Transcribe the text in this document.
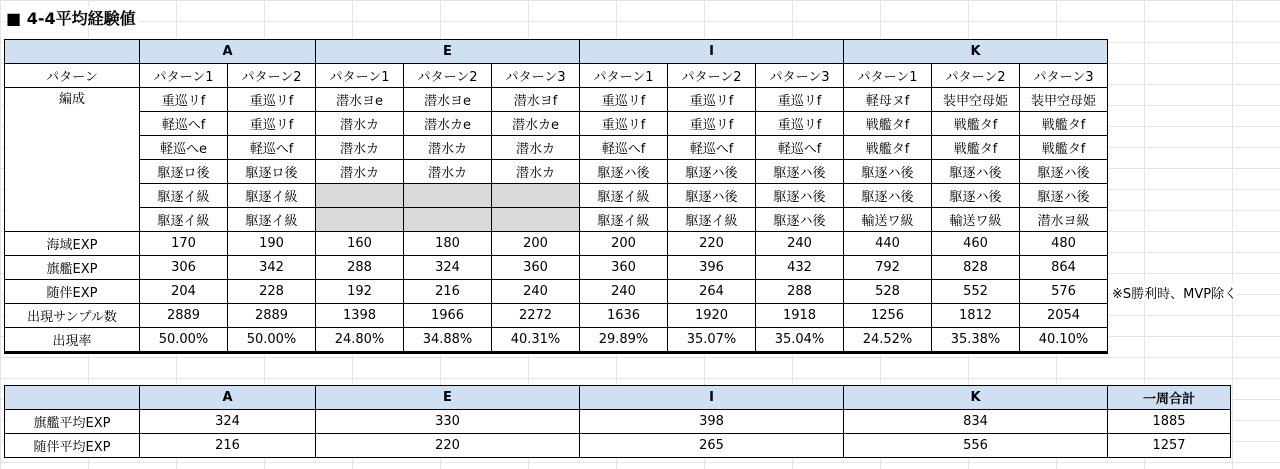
■ 4-4平均経験値
	A		E			I			K		
パターン	パターン1	パターン2	パターン1	パターン2	パターン3	パターン1	パターン2	パターン3	パターン1	パターン2	パターン3
編成	重巡リf	重巡リf	潜水ヨe	潜水ヨe	潜水ヨf	重巡リf	重巡リf	重巡リf	軽母ヌf	装甲空母姫	装甲空母姫
	軽巡へf	重巡リf	潜水カ	潜水カe	潜水カe	重巡リf	重巡リf	重巡リf	戦艦タf	戦艦タf	戦艦タf
	軽巡へe	軽巡へf	潜水カ	潜水カ	潜水カ	軽巡へf	軽巡へf	軽巡へf	戦艦タf	戦艦タf	戦艦タf
	駆逐ロ後	駆逐ロ後	潜水カ	潜水カ	潜水カ	駆逐ハ後	駆逐ハ後	駆逐ハ後	駆逐ハ後	駆逐ハ後	駆逐ハ後
	駆逐イ級	駆逐イ級				駆逐イ級	駆逐ハ後	駆逐ハ後	駆逐ハ後	駆逐ハ後	駆逐ハ後
	駆逐イ級	駆逐イ級				駆逐イ級	駆逐イ級	駆逐ハ後	輸送ワ級	輸送ワ級	潜水ヨ級
海域EXP	170	190	160	180	200	200	220	240	440	460	480
旗艦EXP	306	342	288	324	360	360	396	432	792	828	864
随伴EXP	204	228	192	216	240	240	264	288	528	552	576
出現サンプル数	2889	2889	1398	1966	2272	1636	1920	1918	1256	1812	2054
出現率	50.00%	50.00%	24.80%	34.88%	40.31%	29.89%	35.07%	35.04%	24.52%	35.38%	40.10%
※S勝利時、MVP除く
	A	E	I	K	一周合計
旗艦平均EXP	324	330	398	834	1885
随伴平均EXP	216	220	265	556	1257
